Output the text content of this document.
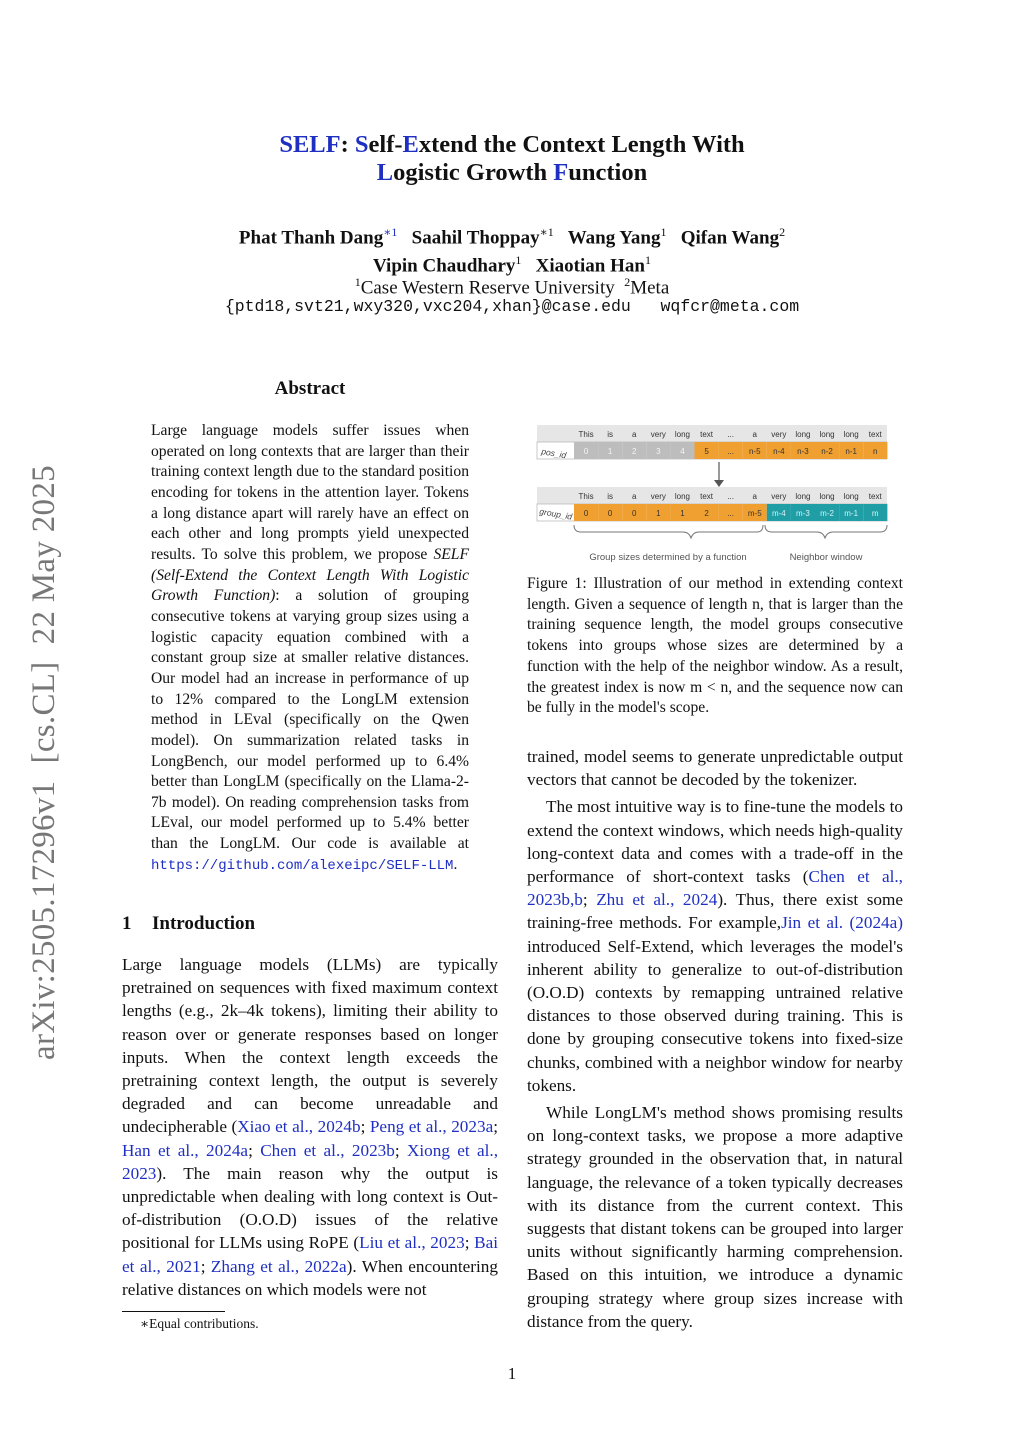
arXiv:2505.17296v1  [cs.CL]  22 May 2025
SELF: Self-Extend the Context Length With
Logistic Growth Function
Phat Thanh Dang$^{∗1}$ Saahil Thoppay$^{∗1}$ Wang Yang$^1$ Qifan Wang$^2$
Vipin Chaudhary$^1$ Xiaotian Han$^1$
$^1$Case Western Reserve University $^2$Meta
{ptd18,svt21,wxy320,vxc204,xhan}@case.edu   wqfcr@meta.com
Abstract
Large language models suffer issues when operated on long contexts that are larger than their training context length due to the standard position encoding for tokens in the attention layer. Tokens a long distance apart will rarely have an effect on each other and long prompts yield unexpected results. To solve this problem, we propose SELF (Self-Extend the Context Length With Logistic Growth Function): a solution of grouping consecutive tokens at varying group sizes using a logistic capacity equation combined with a constant group size at smaller relative distances. Our model had an increase in performance of up to 12% compared to the LongLM extension method in LEval (specifically on the Qwen model). On summarization related tasks in LongBench, our model performed up to 6.4% better than LongLM (specifically on the Llama-2-7b model). On reading comprehension tasks from LEval, our model performed up to 5.4% better than the LongLM. Our code is available at https://github.com/alexeipc/SELF-LLM.
1 Introduction

Large language models (LLMs) are typically pretrained on sequences with fixed maximum context lengths (e.g., 2k–4k tokens), limiting their ability to reason over or generate responses based on longer inputs. When the context length exceeds the pretraining context length, the output is severely degraded and can become unreadable and undecipherable (Xiao et al., 2024b; Peng et al., 2023a; Han et al., 2024a; Chen et al., 2023b; Xiong et al., 2023). The main reason why the output is unpredictable when dealing with long context is Out-of-distribution (O.O.D) issues of the relative positional for LLMs using RoPE (Liu et al., 2023; Bai et al., 2021; Zhang et al., 2022a). When encountering relative distances on which models were not

∗Equal contributions.
pos_id
This is a very long text ... a very long long long text
0 1 2 3 4 5 ... n-5 n-4 n-3 n-2 n-1 n
group_id
This is a very long text ... a very long long long text
0 0 0 1 1 2 ... m-5 m-4 m-3 m-2 m-1 m
Group sizes determined by a function	Neighbor window
Figure 1: Illustration of our method in extending context length. Given a sequence of length n, that is larger than the training sequence length, the model groups consecutive tokens into groups whose sizes are determined by a function with the help of the neighbor window. As a result, the greatest index is now m < n, and the sequence now can be fully in the model's scope.

trained, model seems to generate unpredictable output vectors that cannot be decoded by the tokenizer.

The most intuitive way is to fine-tune the models to extend the context windows, which needs high-quality long-context data and comes with a trade-off in the performance of short-context tasks (Chen et al., 2023b,b; Zhu et al., 2024). Thus, there exist some training-free methods. For example,Jin et al. (2024a) introduced Self-Extend, which leverages the model's inherent ability to generalize to out-of-distribution (O.O.D) contexts by remapping untrained relative distances to those observed during training. This is done by grouping consecutive tokens into fixed-size chunks, combined with a neighbor window for nearby tokens.

While LongLM's method shows promising results on long-context tasks, we propose a more adaptive strategy grounded in the observation that, in natural language, the relevance of a token typically decreases with its distance from the current context. This suggests that distant tokens can be grouped into larger units without significantly harming comprehension. Based on this intuition, we introduce a dynamic grouping strategy where group sizes increase with distance from the query.

1
